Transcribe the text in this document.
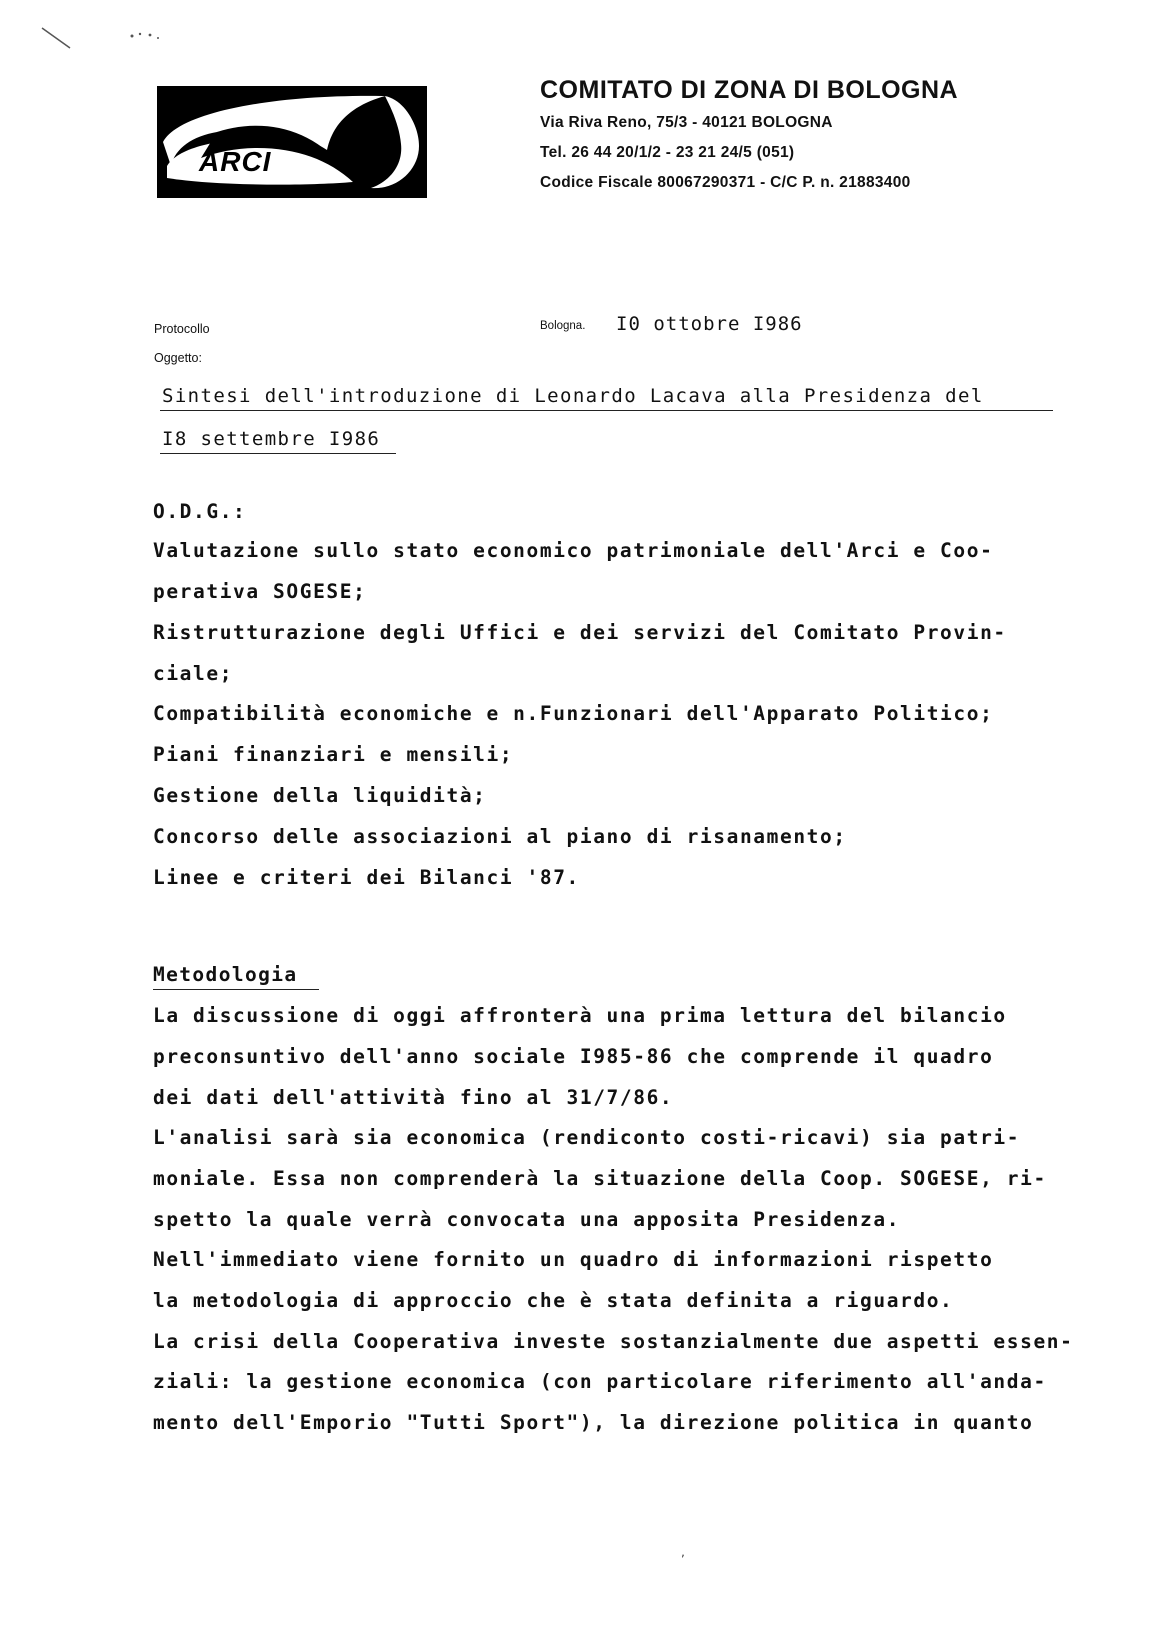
ARCI
COMITATO DI ZONA DI BOLOGNA
Via Riva Reno, 75/3 - 40121 BOLOGNA
Tel. 26 44 20/1/2 - 23 21 24/5 (051)
Codice Fiscale 80067290371 - C/C P. n. 21883400
Protocollo	Bologna. I0 ottobre I986
Oggetto:
Sintesi dell'introduzione di Leonardo Lacava alla Presidenza del
I8 settembre I986
O.D.G.:
Valutazione sullo stato economico patrimoniale dell'Arci e Coo-
perativa SOGESE;
Ristrutturazione degli Uffici e dei servizi del Comitato Provin-
ciale;
Compatibilità economiche e n.Funzionari dell'Apparato Politico;
Piani finanziari e mensili;
Gestione della liquidità;
Concorso delle associazioni al piano di risanamento;
Linee e criteri dei Bilanci '87.
Metodologia
La discussione di oggi affronterà una prima lettura del bilancio
preconsuntivo dell'anno sociale I985-86 che comprende il quadro
dei dati dell'attività fino al 31/7/86.
L'analisi sarà sia economica (rendiconto costi-ricavi) sia patri-
moniale. Essa non comprenderà la situazione della Coop. SOGESE, ri-
spetto la quale verrà convocata una apposita Presidenza.
Nell'immediato viene fornito un quadro di informazioni rispetto
la metodologia di approccio che è stata definita a riguardo.
La crisi della Cooperativa investe sostanzialmente due aspetti essen-
ziali: la gestione economica (con particolare riferimento all'anda-
mento dell'Emporio "Tutti Sport"), la direzione politica in quanto
,
